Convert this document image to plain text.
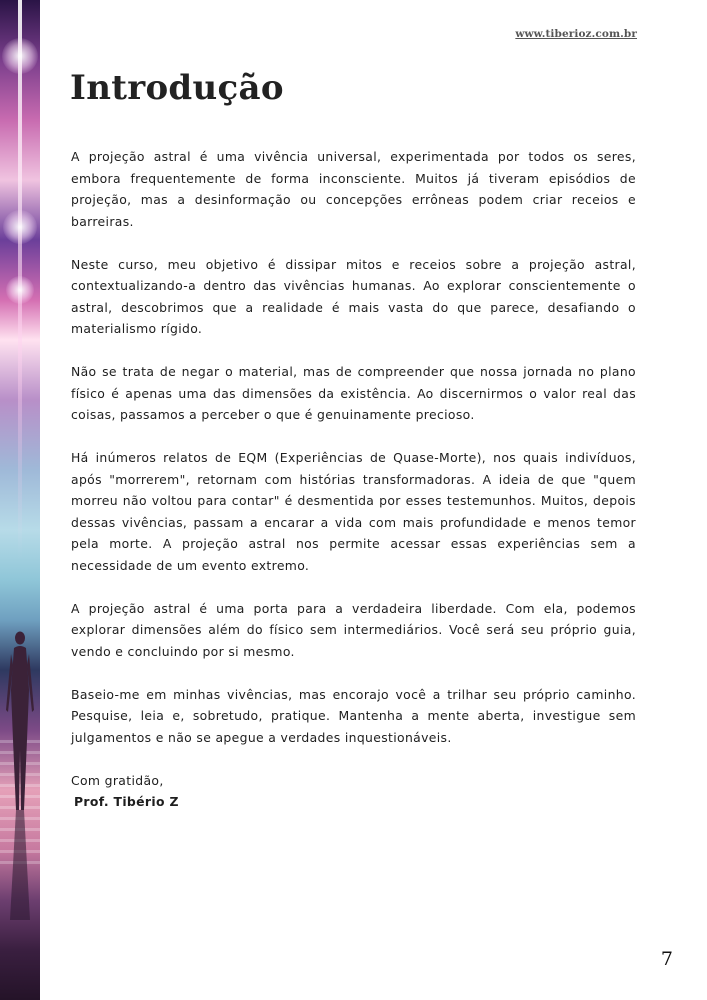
www.tiberioz.com.br

Introdução

A projeção astral é uma vivência universal, experimentada por todos os seres, embora frequentemente de forma inconsciente. Muitos já tiveram episódios de projeção, mas a desinformação ou concepções errôneas podem criar receios e barreiras.

Neste curso, meu objetivo é dissipar mitos e receios sobre a projeção astral, contextualizando-a dentro das vivências humanas. Ao explorar conscientemente o astral, descobrimos que a realidade é mais vasta do que parece, desafiando o materialismo rígido.

Não se trata de negar o material, mas de compreender que nossa jornada no plano físico é apenas uma das dimensões da existência. Ao discernirmos o valor real das coisas, passamos a perceber o que é genuinamente precioso.

Há inúmeros relatos de EQM (Experiências de Quase-Morte), nos quais indivíduos, após "morrerem", retornam com histórias transformadoras. A ideia de que "quem morreu não voltou para contar" é desmentida por esses testemunhos. Muitos, depois dessas vivências, passam a encarar a vida com mais profundidade e menos temor pela morte. A projeção astral nos permite acessar essas experiências sem a necessidade de um evento extremo.

A projeção astral é uma porta para a verdadeira liberdade. Com ela, podemos explorar dimensões além do físico sem intermediários. Você será seu próprio guia, vendo e concluindo por si mesmo.

Baseio-me em minhas vivências, mas encorajo você a trilhar seu próprio caminho. Pesquise, leia e, sobretudo, pratique. Mantenha a mente aberta, investigue sem julgamentos e não se apegue a verdades inquestionáveis.

Com gratidão,

Prof. Tibério Z

7
